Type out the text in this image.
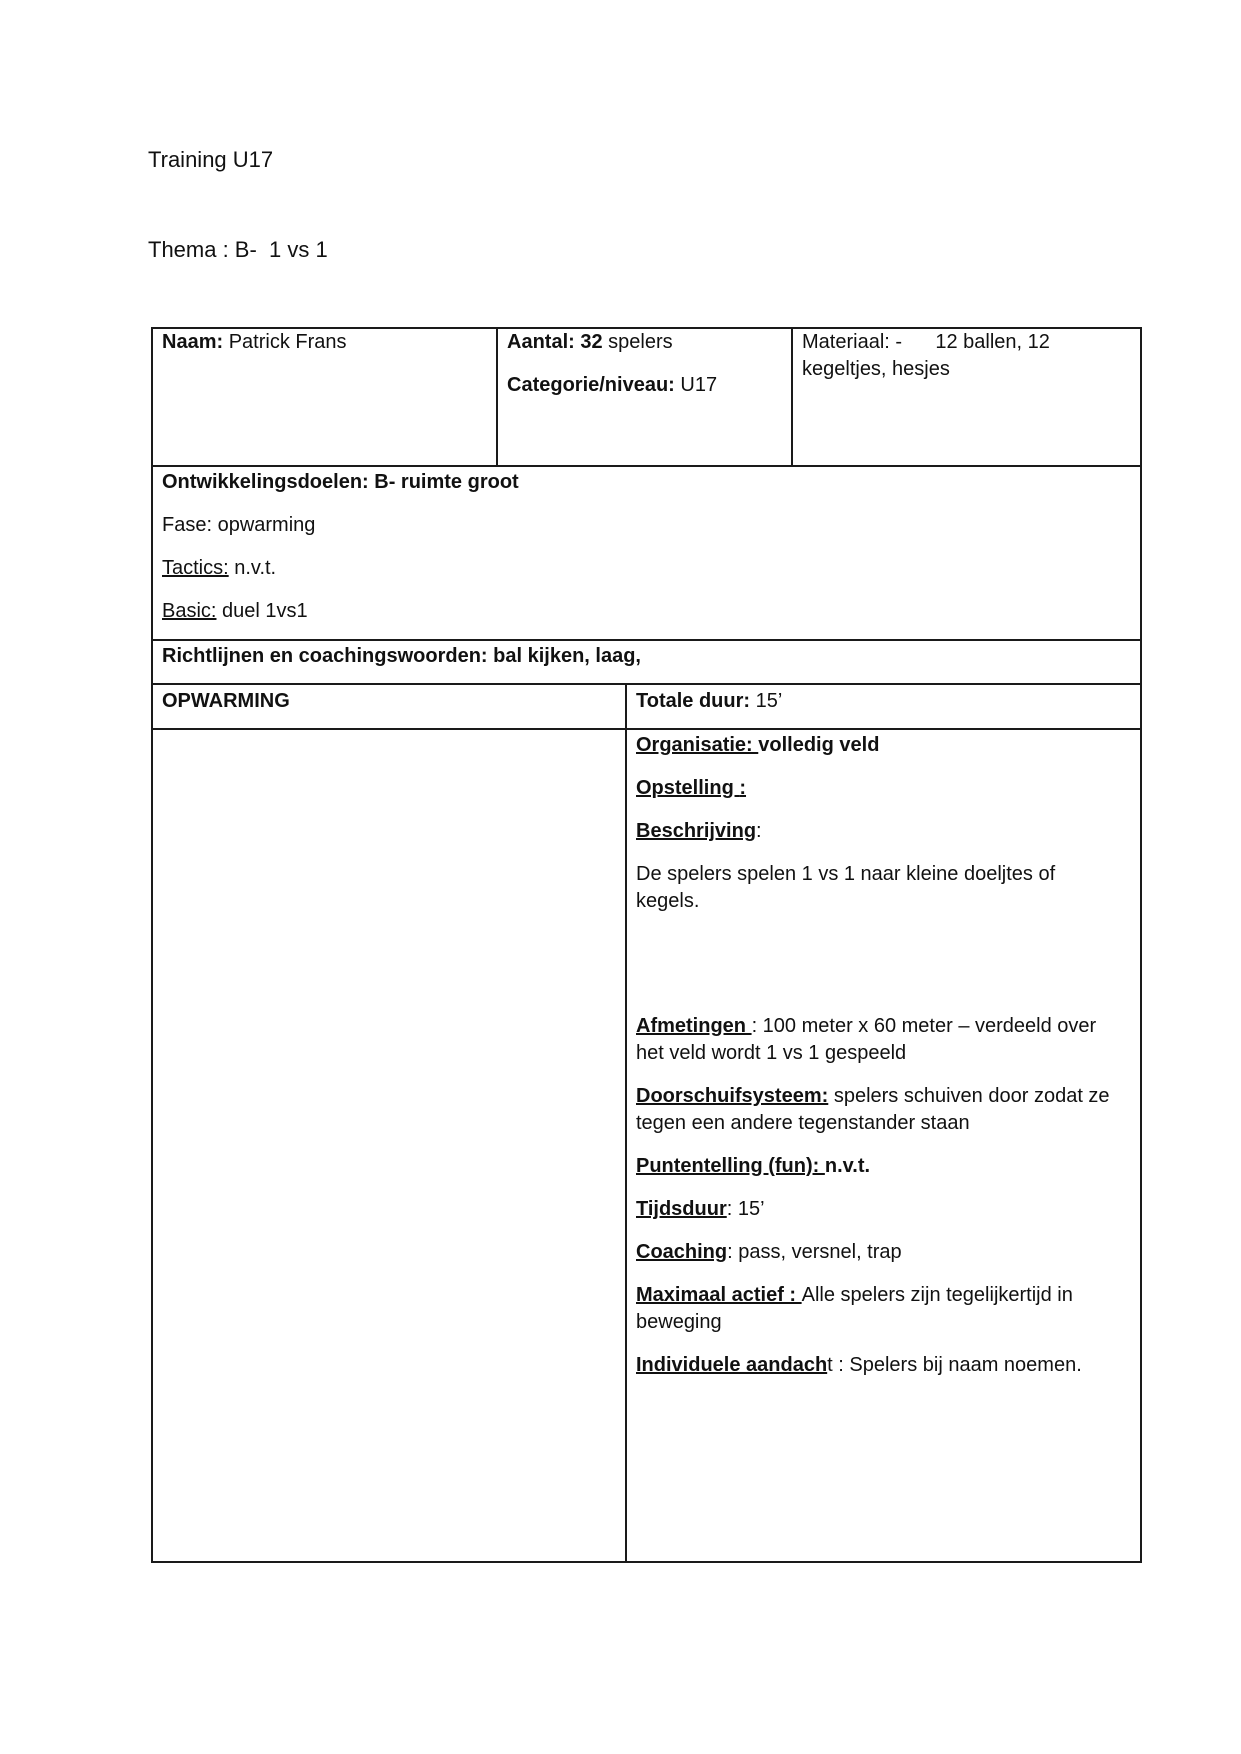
Training U17
Thema : B-  1 vs 1
Naam: Patrick Frans	Aantal: 32 spelers
Categorie/niveau: U17
Materiaal: -      12 ballen, 12
kegeltjes, hesjes
Ontwikkelingsdoelen: B- ruimte groot
Fase: opwarming
Tactics: n.v.t.
Basic: duel 1vs1
Richtlijnen en coachingswoorden: bal kijken, laag,
OPWARMING	Totale duur: 15’
Organisatie: volledig veld
Opstelling :
Beschrijving:
De spelers spelen 1 vs 1 naar kleine doeljtes of
kegels.
Afmetingen : 100 meter x 60 meter – verdeeld over
het veld wordt 1 vs 1 gespeeld
Doorschuifsysteem: spelers schuiven door zodat ze
tegen een andere tegenstander staan
Puntentelling (fun): n.v.t.
Tijdsduur: 15’
Coaching: pass, versnel, trap
Maximaal actief : Alle spelers zijn tegelijkertijd in
beweging
Individuele aandacht : Spelers bij naam noemen.
